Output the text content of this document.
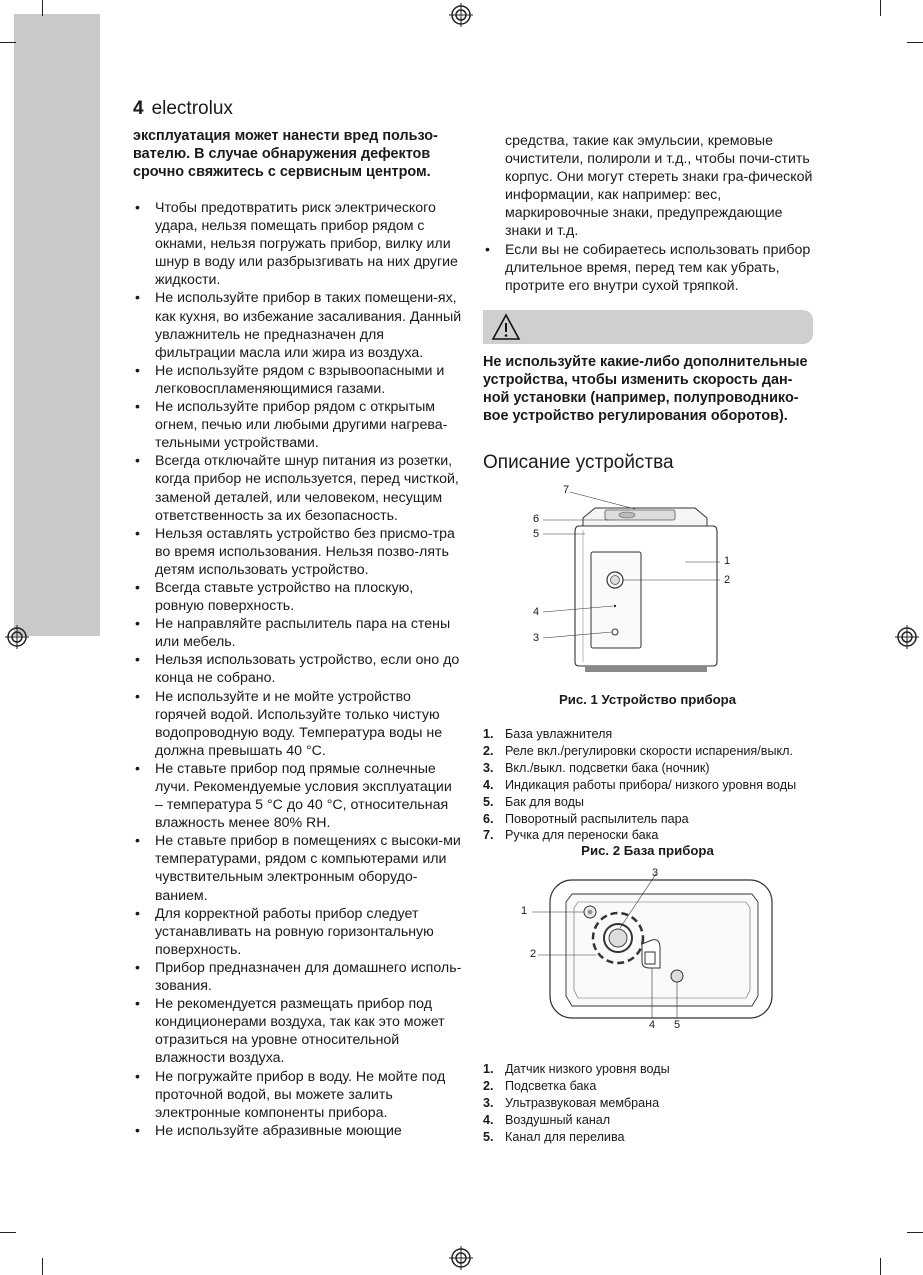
4 electrolux

эксплуатация может нанести вред пользо-вателю. В случае обнаружения дефектов срочно свяжитесь с сервисным центром.

• Чтобы предотвратить риск электрического удара, нельзя помещать прибор рядом с окнами, нельзя погружать прибор, вилку или шнур в воду или разбрызгивать на них другие жидкости.
• Не используйте прибор в таких помещени-ях, как кухня, во избежание засаливания. Данный увлажнитель не предназначен для фильтрации масла или жира из воздуха.
• Не используйте рядом с взрывоопасными и легковоспламеняющимися газами.
• Не используйте прибор рядом с открытым огнем, печью или любыми другими нагрева-тельными устройствами.
• Всегда отключайте шнур питания из розетки, когда прибор не используется, перед чисткой, заменой деталей, или человеком, несущим ответственность за их безопасность.
• Нельзя оставлять устройство без присмо-тра во время использования. Нельзя позво-лять детям использовать устройство.
• Всегда ставьте устройство на плоскую, ровную поверхность.
• Не направляйте распылитель пара на стены или мебель.
• Нельзя использовать устройство, если оно до конца не собрано.
• Не используйте и не мойте устройство горячей водой. Используйте только чистую водопроводную воду. Температура воды не должна превышать 40 °С.
• Не ставьте прибор под прямые солнечные лучи. Рекомендуемые условия эксплуатации – температура 5 °С до 40 °С, относительная влажность менее 80% RH.
• Не ставьте прибор в помещениях с высоки-ми температурами, рядом с компьютерами или чувствительным электронным оборудо-ванием.
• Для корректной работы прибор следует устанавливать на ровную горизонтальную поверхность.
• Прибор предназначен для домашнего исполь-зования.
• Не рекомендуется размещать прибор под кондиционерами воздуха, так как это может отразиться на уровне относительной влажности воздуха.
• Не погружайте прибор в воду. Не мойте под проточной водой, вы можете залить электронные компоненты прибора.
• Не используйте абразивные моющие

средства, такие как эмульсии, кремовые очистители, полироли и т.д., чтобы почи-стить корпус. Они могут стереть знаки гра-фической информации, как например: вес, маркировочные знаки, предупреждающие знаки и т.д.

• Если вы не собираетесь использовать прибор длительное время, перед тем как убрать, протрите его внутри сухой тряпкой.

Не используйте какие-либо дополнительные устройства, чтобы изменить скорость дан-ной установки (например, полупроводнико-вое устройство регулирования оборотов).

Описание устройства
7
6
5
1
2
4
3
Рис. 1 Устройство прибора
1. База увлажнителя
2. Реле вкл./регулировки скорости испарения/выкл.
3. Вкл./выкл. подсветки бака (ночник)
4. Индикация работы прибора/ низкого уровня воды
5. Бак для воды
6. Поворотный распылитель пара
7. Ручка для переноски бака
Рис. 2 База прибора
3
1
2
4 5
1. Датчик низкого уровня воды
2. Подсветка бака
3. Ультразвуковая мембрана
4. Воздушный канал
5. Канал для перелива
